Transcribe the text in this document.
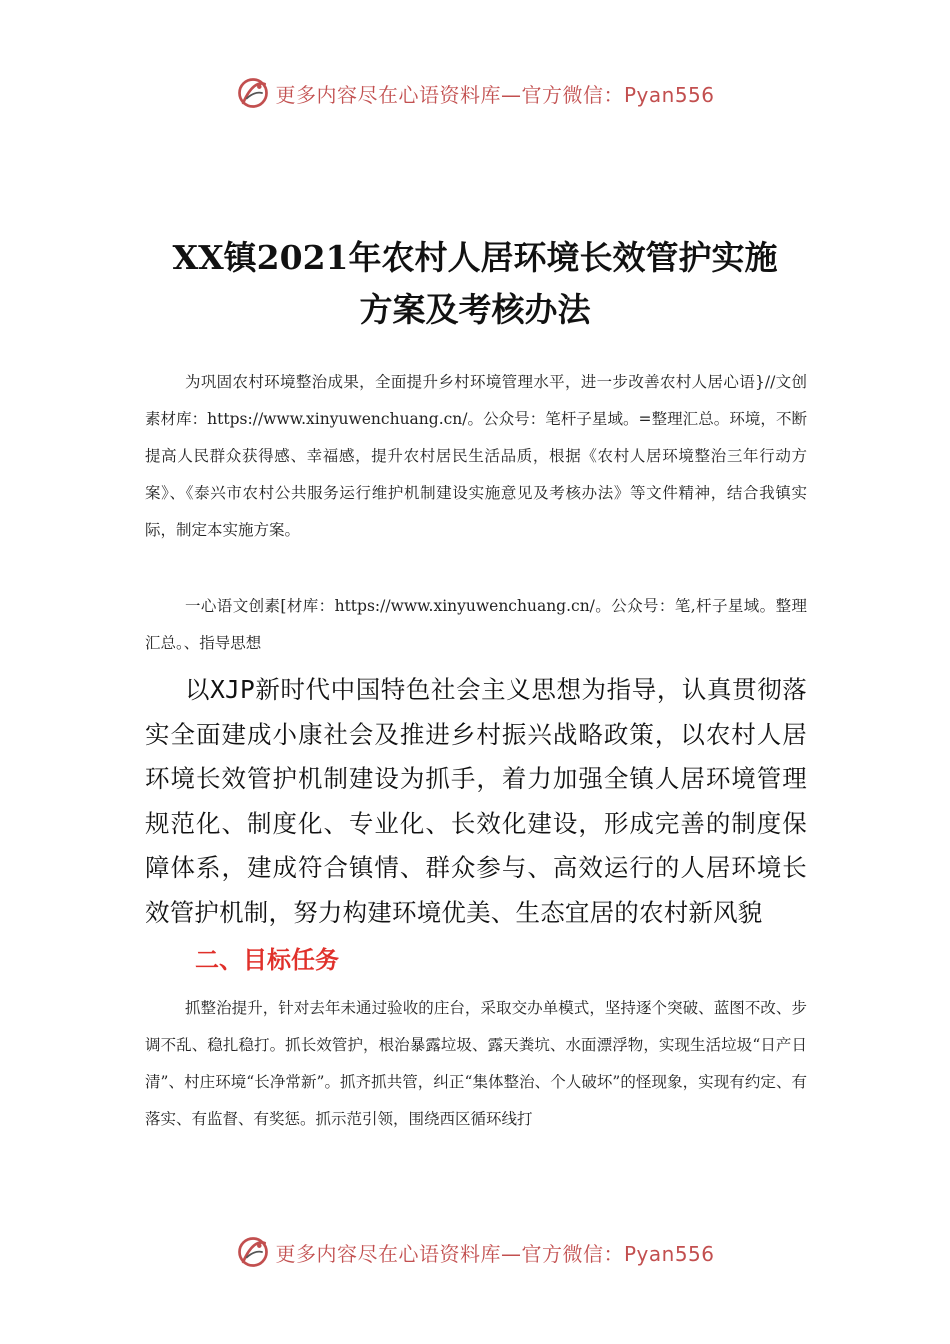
更多内容尽在心语资料库—官方微信：Pyan556
XX镇2021年农村人居环境长效管护实施
方案及考核办法

为巩固农村环境整治成果，全面提升乡村环境管理水平，进一步改善农村人居心语}//文创素材库：https://www.xinyuwenchuang.cn/。公众号：笔杆子星域。=整理汇总。环境，不断提高人民群众获得感、幸福感，提升农村居民生活品质，根据《农村人居环境整治三年行动方案》、《泰兴市农村公共服务运行维护机制建设实施意见及考核办法》等文件精神，结合我镇实际，制定本实施方案。

一心语文创素[材库：https://www.xinyuwenchuang.cn/。公众号：笔,杆子星域。整理汇总。、指导思想

以XJP新时代中国特色社会主义思想为指导，认真贯彻落实全面建成小康社会及推进乡村振兴战略政策，以农村人居环境长效管护机制建设为抓手，着力加强全镇人居环境管理规范化、制度化、专业化、长效化建设，形成完善的制度保障体系，建成符合镇情、群众参与、高效运行的人居环境长效管护机制，努力构建环境优美、生态宜居的农村新风貌

二、目标任务

抓整治提升，针对去年未通过验收的庄台，采取交办单模式，坚持逐个突破、蓝图不改、步调不乱、稳扎稳打。抓长效管护，根治暴露垃圾、露天粪坑、水面漂浮物，实现生活垃圾“日产日清”、村庄环境“长净常新”。抓齐抓共管，纠正“集体整治、个人破坏”的怪现象，实现有约定、有落实、有监督、有奖惩。抓示范引领，围绕西区循环线打

更多内容尽在心语资料库—官方微信：Pyan556
